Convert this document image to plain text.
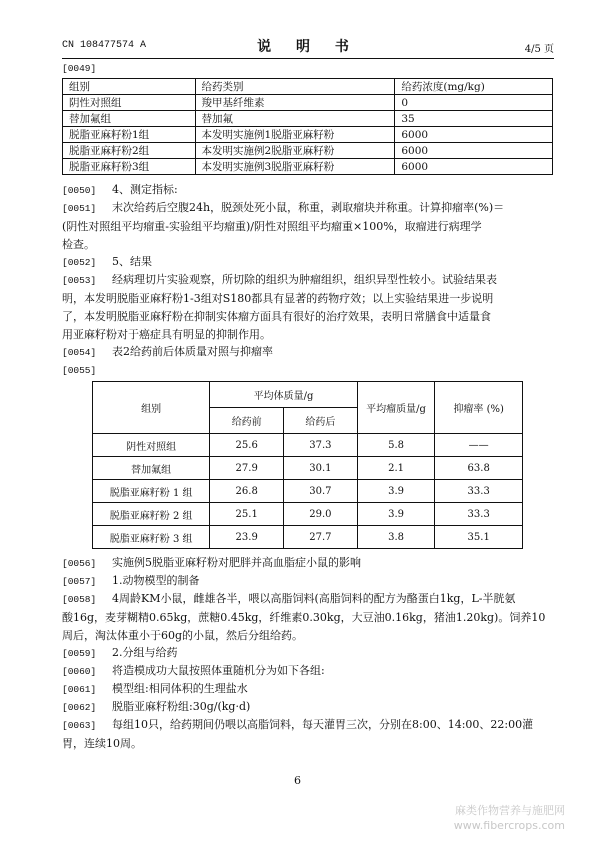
CN 108477574 A	说 明 书	4/5 页
[0049]
组别	给药类别	给药浓度(mg/kg)
阴性对照组	羧甲基纤维素	0
替加氟组	替加氟	35
脱脂亚麻籽粉1组	本发明实施例1脱脂亚麻籽粉	6000
脱脂亚麻籽粉2组	本发明实施例2脱脂亚麻籽粉	6000
脱脂亚麻籽粉3组	本发明实施例3脱脂亚麻籽粉	6000
[0050] 4、测定指标:
[0051] 末次给药后空腹24h，脱颈处死小鼠，称重，剥取瘤块并称重。计算抑瘤率(%)＝
(阴性对照组平均瘤重-实验组平均瘤重)/阴性对照组平均瘤重×100%，取瘤进行病理学
检查。
[0052] 5、结果
[0053] 经病理切片实验观察，所切除的组织为肿瘤组织，组织异型性较小。试验结果表
明，本发明脱脂亚麻籽粉1-3组对S180都具有显著的药物疗效；以上实验结果进一步说明
了，本发明脱脂亚麻籽粉在抑制实体瘤方面具有很好的治疗效果，表明日常膳食中适量食
用亚麻籽粉对于癌症具有明显的抑制作用。
[0054] 表2给药前后体质量对照与抑瘤率
[0055]
组别	平均体质量/g		平均瘤质量/g	抑瘤率 (%)
	给药前	给药后		
阴性对照组	25.6	37.3	5.8	——
替加氟组	27.9	30.1	2.1	63.8
脱脂亚麻籽粉 1 组	26.8	30.7	3.9	33.3
脱脂亚麻籽粉 2 组	25.1	29.0	3.9	33.3
脱脂亚麻籽粉 3 组	23.9	27.7	3.8	35.1
[0056] 实施例5脱脂亚麻籽粉对肥胖并高血脂症小鼠的影响
[0057] 1.动物模型的制备
[0058] 4周龄KM小鼠，雌雄各半，喂以高脂饲料(高脂饲料的配方为酪蛋白1kg，L-半胱氨
酸16g，麦芽糊精0.65kg，蔗糖0.45kg，纤维素0.30kg，大豆油0.16kg，猪油1.20kg)。饲养10
周后，淘汰体重小于60g的小鼠，然后分组给药。
[0059] 2.分组与给药
[0060] 将造模成功大鼠按照体重随机分为如下各组:
[0061] 模型组:相同体积的生理盐水
[0062] 脱脂亚麻籽粉组:30g/(kg·d)
[0063] 每组10只，给药期间仍喂以高脂饲料，每天灌胃三次，分别在8:00、14:00、22:00灌
胃，连续10周。
6
麻类作物营养与施肥网
www.fibercrops.com
